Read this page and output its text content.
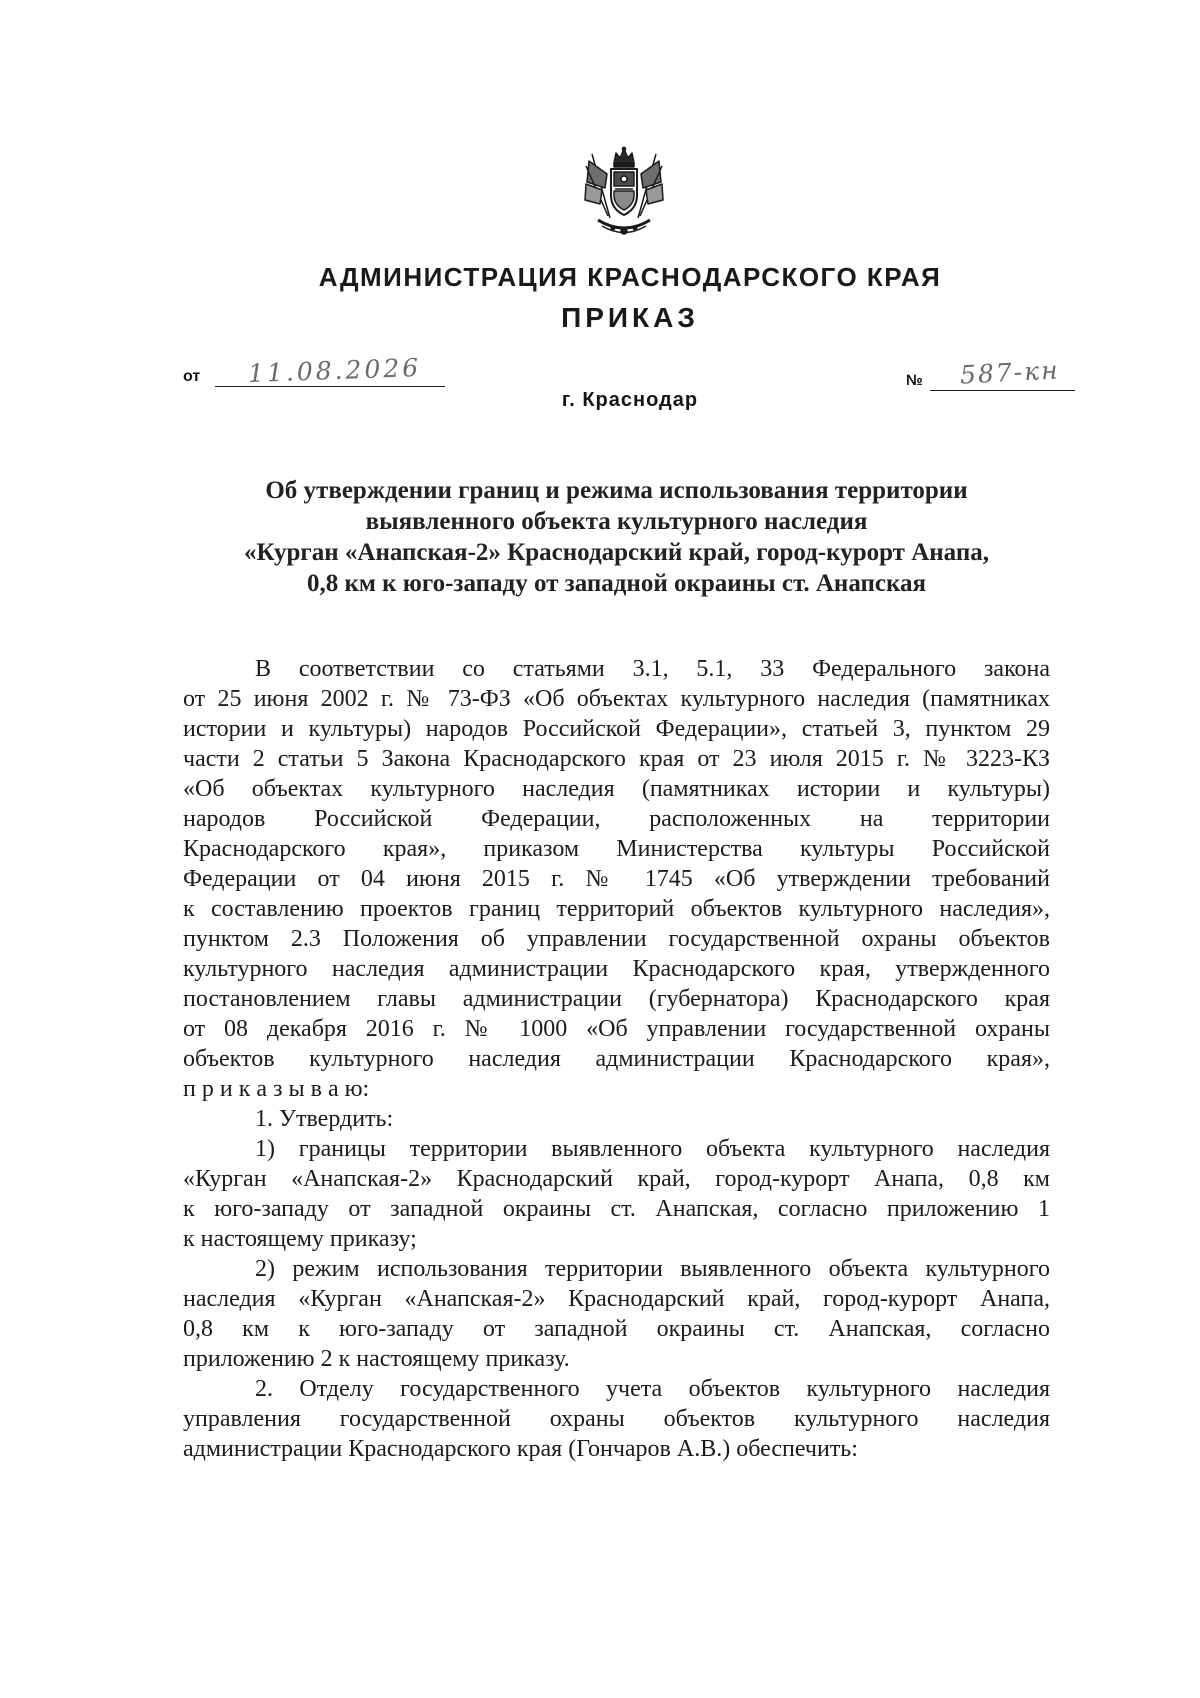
АДМИНИСТРАЦИЯ КРАСНОДАРСКОГО КРАЯ
ПРИКАЗ
от 11.08.2026
г. Краснодар
№ 587-кн
Об утверждении границ и режима использования территории
выявленного объекта культурного наследия
«Курган «Анапская-2» Краснодарский край, город-курорт Анапа,
0,8 км к юго-западу от западной окраины ст. Анапская
В соответствии со статьями 3.1, 5.1, 33 Федерального закона
от 25 июня 2002 г. № 73-ФЗ «Об объектах культурного наследия (памятниках
истории и культуры) народов Российской Федерации», статьей 3, пунктом 29
части 2 статьи 5 Закона Краснодарского края от 23 июля 2015 г. № 3223-КЗ
«Об объектах культурного наследия (памятниках истории и культуры)
народов Российской Федерации, расположенных на территории
Краснодарского края», приказом Министерства культуры Российской
Федерации от 04 июня 2015 г. № 1745 «Об утверждении требований
к составлению проектов границ территорий объектов культурного наследия»,
пунктом 2.3 Положения об управлении государственной охраны объектов
культурного наследия администрации Краснодарского края, утвержденного
постановлением главы администрации (губернатора) Краснодарского края
от 08 декабря 2016 г. № 1000 «Об управлении государственной охраны
объектов культурного наследия администрации Краснодарского края»,
п р и к а з ы в а ю:
1. Утвердить:
1) границы территории выявленного объекта культурного наследия
«Курган «Анапская-2» Краснодарский край, город-курорт Анапа, 0,8 км
к юго-западу от западной окраины ст. Анапская, согласно приложению 1
к настоящему приказу;
2) режим использования территории выявленного объекта культурного
наследия «Курган «Анапская-2» Краснодарский край, город-курорт Анапа,
0,8 км к юго-западу от западной окраины ст. Анапская, согласно
приложению 2 к настоящему приказу.
2. Отделу государственного учета объектов культурного наследия
управления государственной охраны объектов культурного наследия
администрации Краснодарского края (Гончаров А.В.) обеспечить:
